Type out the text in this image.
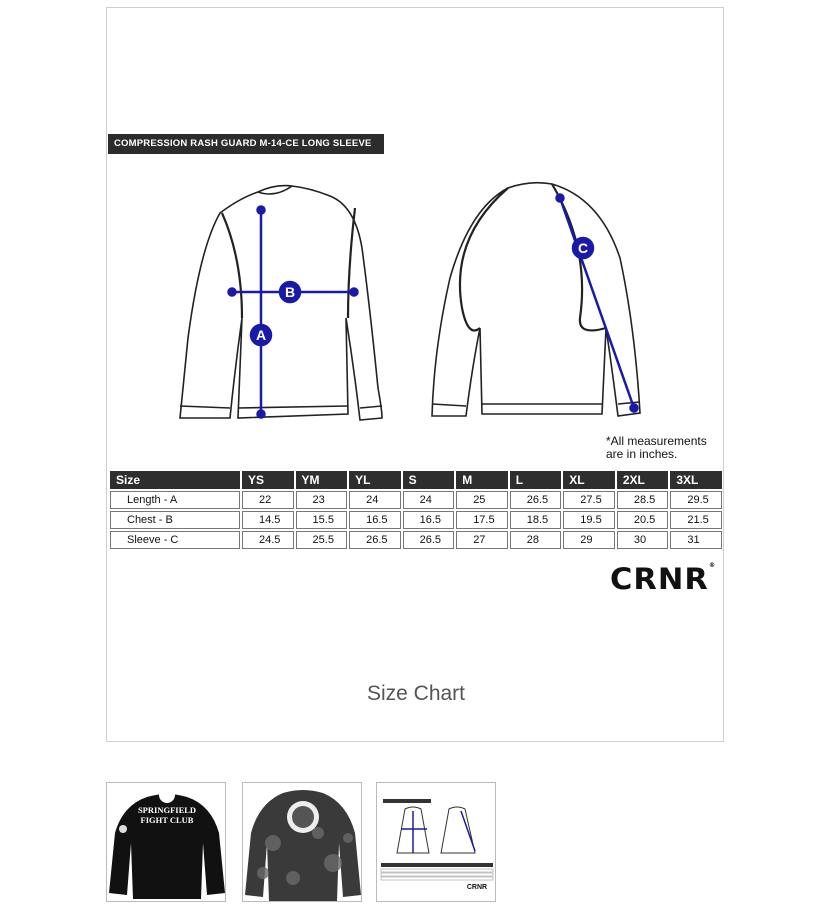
COMPRESSION RASH GUARD M-14-CE LONG SLEEVE
A
B
C
*All measurements
are in inches.
Size	YS	YM	YL	S	M	L	XL	2XL	3XL
Length - A	22	23	24	24	25	26.5	27.5	28.5	29.5
Chest - B	14.5	15.5	16.5	16.5	17.5	18.5	19.5	20.5	21.5
Sleeve - C	24.5	25.5	26.5	26.5	27	28	29	30	31
CRNR®
Size Chart
SPRINGFIELD
FIGHT CLUB
CRNR
